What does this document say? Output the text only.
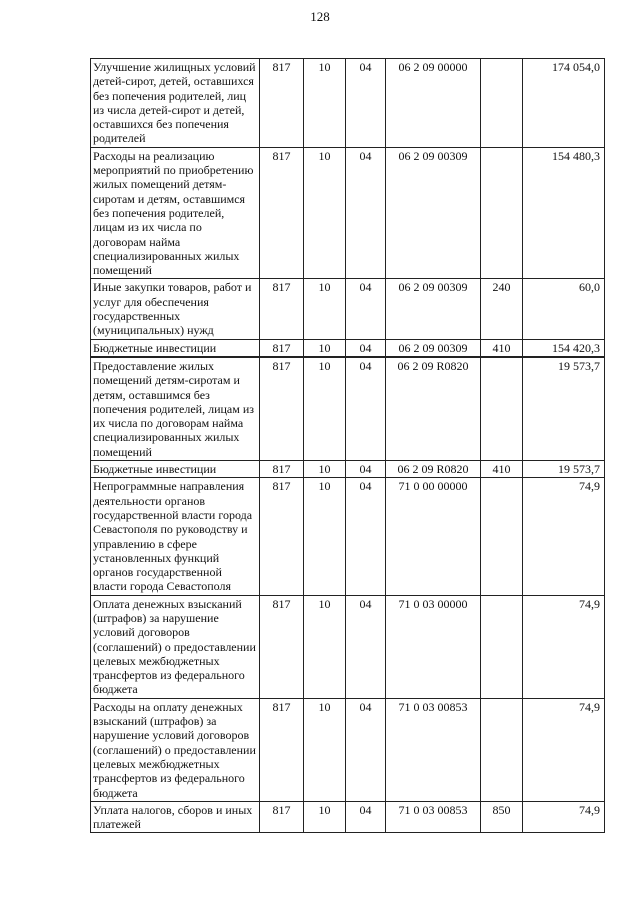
128
Улучшение жилищных условий детей-сирот, детей, оставшихся без попечения родителей, лиц из числа детей-сирот и детей, оставшихся без попечения родителей	817	10	04	06 2 09 00000		174 054,0
Расходы на реализацию мероприятий по приобретению жилых помещений детям-сиротам и детям, оставшимся без попечения родителей, лицам из их числа по договорам найма специализированных жилых помещений	817	10	04	06 2 09 00309		154 480,3
Иные закупки товаров, работ и услуг для обеспечения государственных (муниципальных) нужд	817	10	04	06 2 09 00309	240	60,0
Бюджетные инвестиции	817	10	04	06 2 09 00309	410	154 420,3
Предоставление жилых помещений детям-сиротам и детям, оставшимся без попечения родителей, лицам из их числа по договорам найма специализированных жилых помещений	817	10	04	06 2 09 R0820		19 573,7
Бюджетные инвестиции	817	10	04	06 2 09 R0820	410	19 573,7
Непрограммные направления деятельности органов государственной власти города Севастополя по руководству и управлению в сфере установленных функций органов государственной власти города Севастополя	817	10	04	71 0 00 00000		74,9
Оплата денежных взысканий (штрафов) за нарушение условий договоров (соглашений) о предоставлении целевых межбюджетных трансфертов из федерального бюджета	817	10	04	71 0 03 00000		74,9
Расходы на оплату денежных взысканий (штрафов) за нарушение условий договоров (соглашений) о предоставлении целевых межбюджетных трансфертов из федерального бюджета	817	10	04	71 0 03 00853		74,9
Уплата налогов, сборов и иных платежей	817	10	04	71 0 03 00853	850	74,9
